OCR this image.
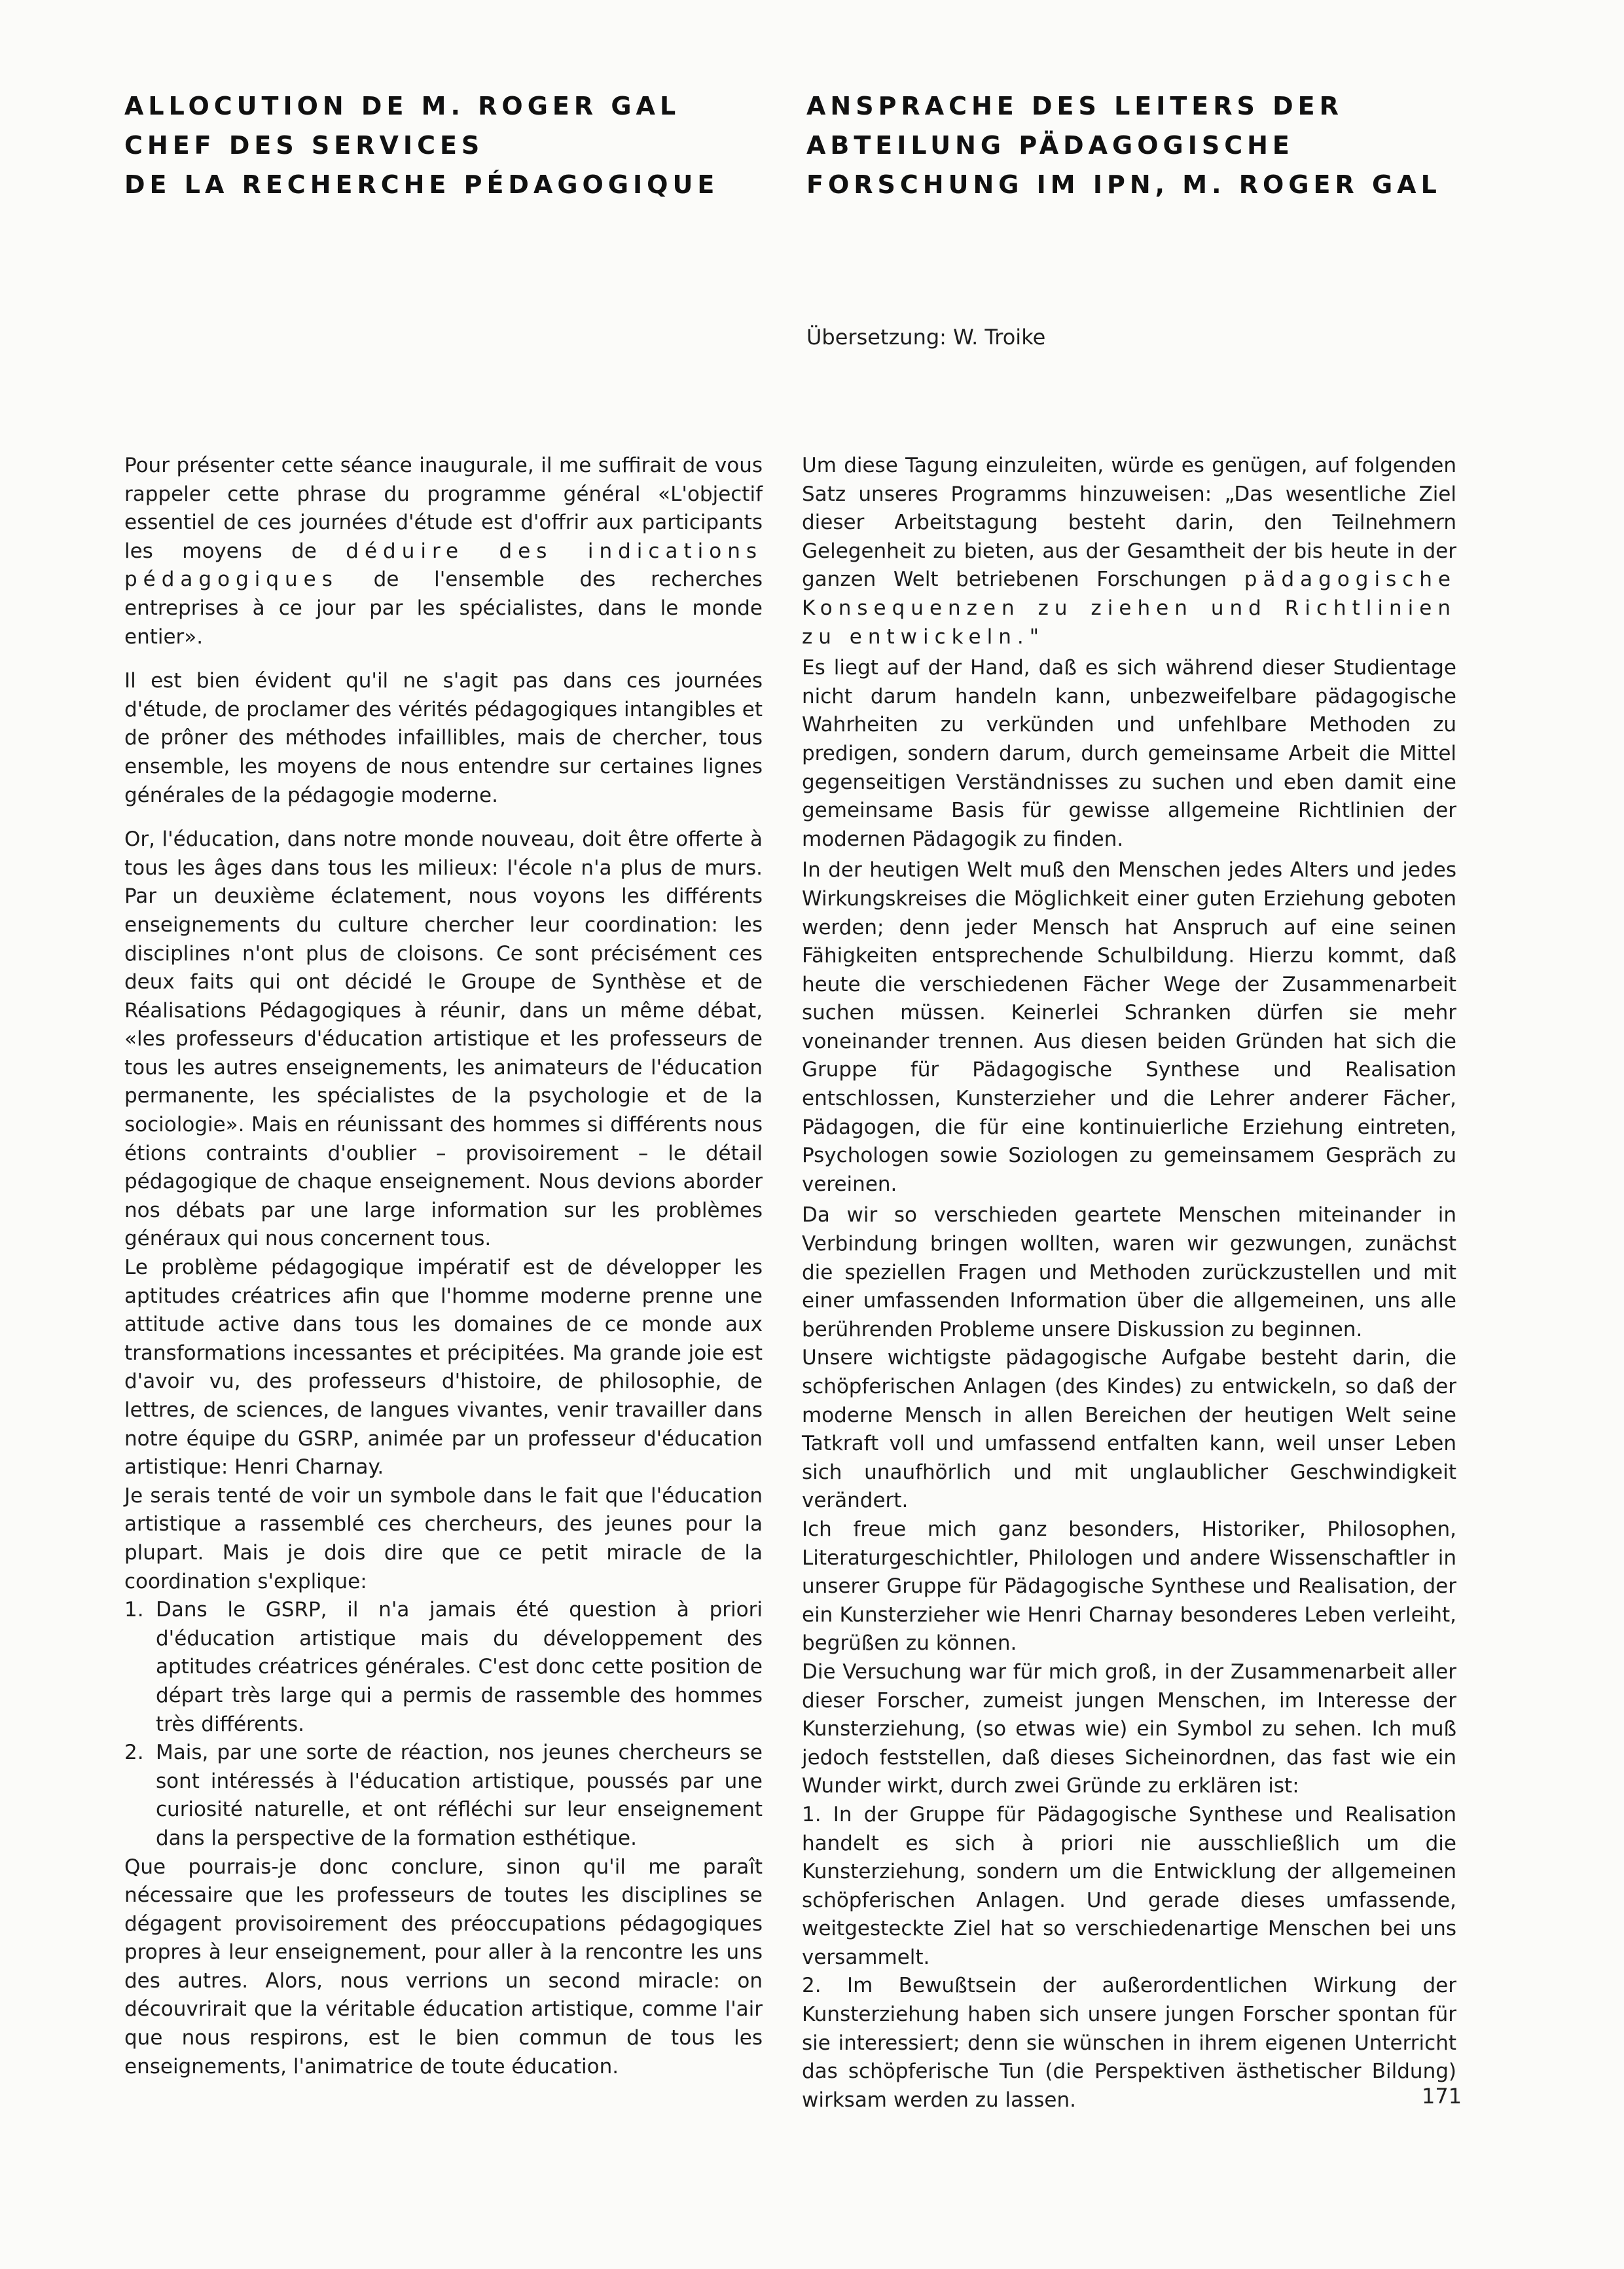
ALLOCUTION DE M. ROGER GAL
CHEF DES SERVICES
DE LA RECHERCHE PÉDAGOGIQUE
ANSPRACHE DES LEITERS DER
ABTEILUNG PÄDAGOGISCHE
FORSCHUNG IM IPN, M. ROGER GAL
Übersetzung: W. Troike

Pour présenter cette séance inaugurale, il me suffirait de vous rappeler cette phrase du programme général «L'objectif essentiel de ces journées d'étude est d'offrir aux participants les moyens de déduire des indications pédagogiques de l'ensemble des recherches entreprises à ce jour par les spécialistes, dans le monde entier».

Il est bien évident qu'il ne s'agit pas dans ces journées d'étude, de proclamer des vérités pédagogiques intangibles et de prôner des méthodes infaillibles, mais de chercher, tous ensemble, les moyens de nous entendre sur certaines lignes générales de la pédagogie moderne.

Or, l'éducation, dans notre monde nouveau, doit être offerte à tous les âges dans tous les milieux: l'école n'a plus de murs. Par un deuxième éclatement, nous voyons les différents enseignements du culture chercher leur coordination: les disciplines n'ont plus de cloisons. Ce sont précisément ces deux faits qui ont décidé le Groupe de Synthèse et de Réalisations Pédagogiques à réunir, dans un même débat, «les professeurs d'éducation artistique et les professeurs de tous les autres enseignements, les animateurs de l'éducation permanente, les spécialistes de la psychologie et de la sociologie». Mais en réunissant des hommes si différents nous étions contraints d'oublier – provisoirement – le détail pédagogique de chaque enseignement. Nous devions aborder nos débats par une large information sur les problèmes généraux qui nous concernent tous.

Le problème pédagogique impératif est de développer les aptitudes créatrices afin que l'homme moderne prenne une attitude active dans tous les domaines de ce monde aux transformations incessantes et précipitées. Ma grande joie est d'avoir vu, des professeurs d'histoire, de philosophie, de lettres, de sciences, de langues vivantes, venir travailler dans notre équipe du GSRP, animée par un professeur d'éducation artistique: Henri Charnay.

Je serais tenté de voir un symbole dans le fait que l'éducation artistique a rassemblé ces chercheurs, des jeunes pour la plupart. Mais je dois dire que ce petit miracle de la coordination s'explique:

1. Dans le GSRP, il n'a jamais été question à priori d'éducation artistique mais du développement des aptitudes créatrices générales. C'est donc cette position de départ très large qui a permis de rassemble des hommes très différents.
2. Mais, par une sorte de réaction, nos jeunes chercheurs se sont intéressés à l'éducation artistique, poussés par une curiosité naturelle, et ont réfléchi sur leur enseignement dans la perspective de la formation esthétique.

Que pourrais-je donc conclure, sinon qu'il me paraît nécessaire que les professeurs de toutes les disciplines se dégagent provisoirement des préoccupations pédagogiques propres à leur enseignement, pour aller à la rencontre les uns des autres. Alors, nous verrions un second miracle: on découvrirait que la véritable éducation artistique, comme l'air que nous respirons, est le bien commun de tous les enseignements, l'animatrice de toute éducation.

Um diese Tagung einzuleiten, würde es genügen, auf folgenden Satz unseres Programms hinzuweisen: „Das wesentliche Ziel dieser Arbeitstagung besteht darin, den Teilnehmern Gelegenheit zu bieten, aus der Gesamtheit der bis heute in der ganzen Welt betriebenen Forschungen pädagogische Konsequenzen zu ziehen und Richtlinien zu entwickeln."

Es liegt auf der Hand, daß es sich während dieser Studientage nicht darum handeln kann, unbezweifelbare pädagogische Wahrheiten zu verkünden und unfehlbare Methoden zu predigen, sondern darum, durch gemeinsame Arbeit die Mittel gegenseitigen Verständnisses zu suchen und eben damit eine gemeinsame Basis für gewisse allgemeine Richtlinien der modernen Pädagogik zu finden.

In der heutigen Welt muß den Menschen jedes Alters und jedes Wirkungskreises die Möglichkeit einer guten Erziehung geboten werden; denn jeder Mensch hat Anspruch auf eine seinen Fähigkeiten entsprechende Schulbildung. Hierzu kommt, daß heute die verschiedenen Fächer Wege der Zusammenarbeit suchen müssen. Keinerlei Schranken dürfen sie mehr voneinander trennen. Aus diesen beiden Gründen hat sich die Gruppe für Pädagogische Synthese und Realisation entschlossen, Kunsterzieher und die Lehrer anderer Fächer, Pädagogen, die für eine kontinuierliche Erziehung eintreten, Psychologen sowie Soziologen zu gemeinsamem Gespräch zu vereinen.

Da wir so verschieden geartete Menschen miteinander in Verbindung bringen wollten, waren wir gezwungen, zunächst die speziellen Fragen und Methoden zurückzustellen und mit einer umfassenden Information über die allgemeinen, uns alle berührenden Probleme unsere Diskussion zu beginnen.

Unsere wichtigste pädagogische Aufgabe besteht darin, die schöpferischen Anlagen (des Kindes) zu entwickeln, so daß der moderne Mensch in allen Bereichen der heutigen Welt seine Tatkraft voll und umfassend entfalten kann, weil unser Leben sich unaufhörlich und mit unglaublicher Geschwindigkeit verändert.

Ich freue mich ganz besonders, Historiker, Philosophen, Literaturgeschichtler, Philologen und andere Wissenschaftler in unserer Gruppe für Pädagogische Synthese und Realisation, der ein Kunsterzieher wie Henri Charnay besonderes Leben verleiht, begrüßen zu können.

Die Versuchung war für mich groß, in der Zusammenarbeit aller dieser Forscher, zumeist jungen Menschen, im Interesse der Kunsterziehung, (so etwas wie) ein Symbol zu sehen. Ich muß jedoch feststellen, daß dieses Sicheinordnen, das fast wie ein Wunder wirkt, durch zwei Gründe zu erklären ist:

1. In der Gruppe für Pädagogische Synthese und Realisation handelt es sich à priori nie ausschließlich um die Kunsterziehung, sondern um die Entwicklung der allgemeinen schöpferischen Anlagen. Und gerade dieses umfassende, weitgesteckte Ziel hat so verschiedenartige Menschen bei uns versammelt.

2. Im Bewußtsein der außerordentlichen Wirkung der Kunsterziehung haben sich unsere jungen Forscher spontan für sie interessiert; denn sie wünschen in ihrem eigenen Unterricht das schöpferische Tun (die Perspektiven ästhetischer Bildung) wirksam werden zu lassen.	171
